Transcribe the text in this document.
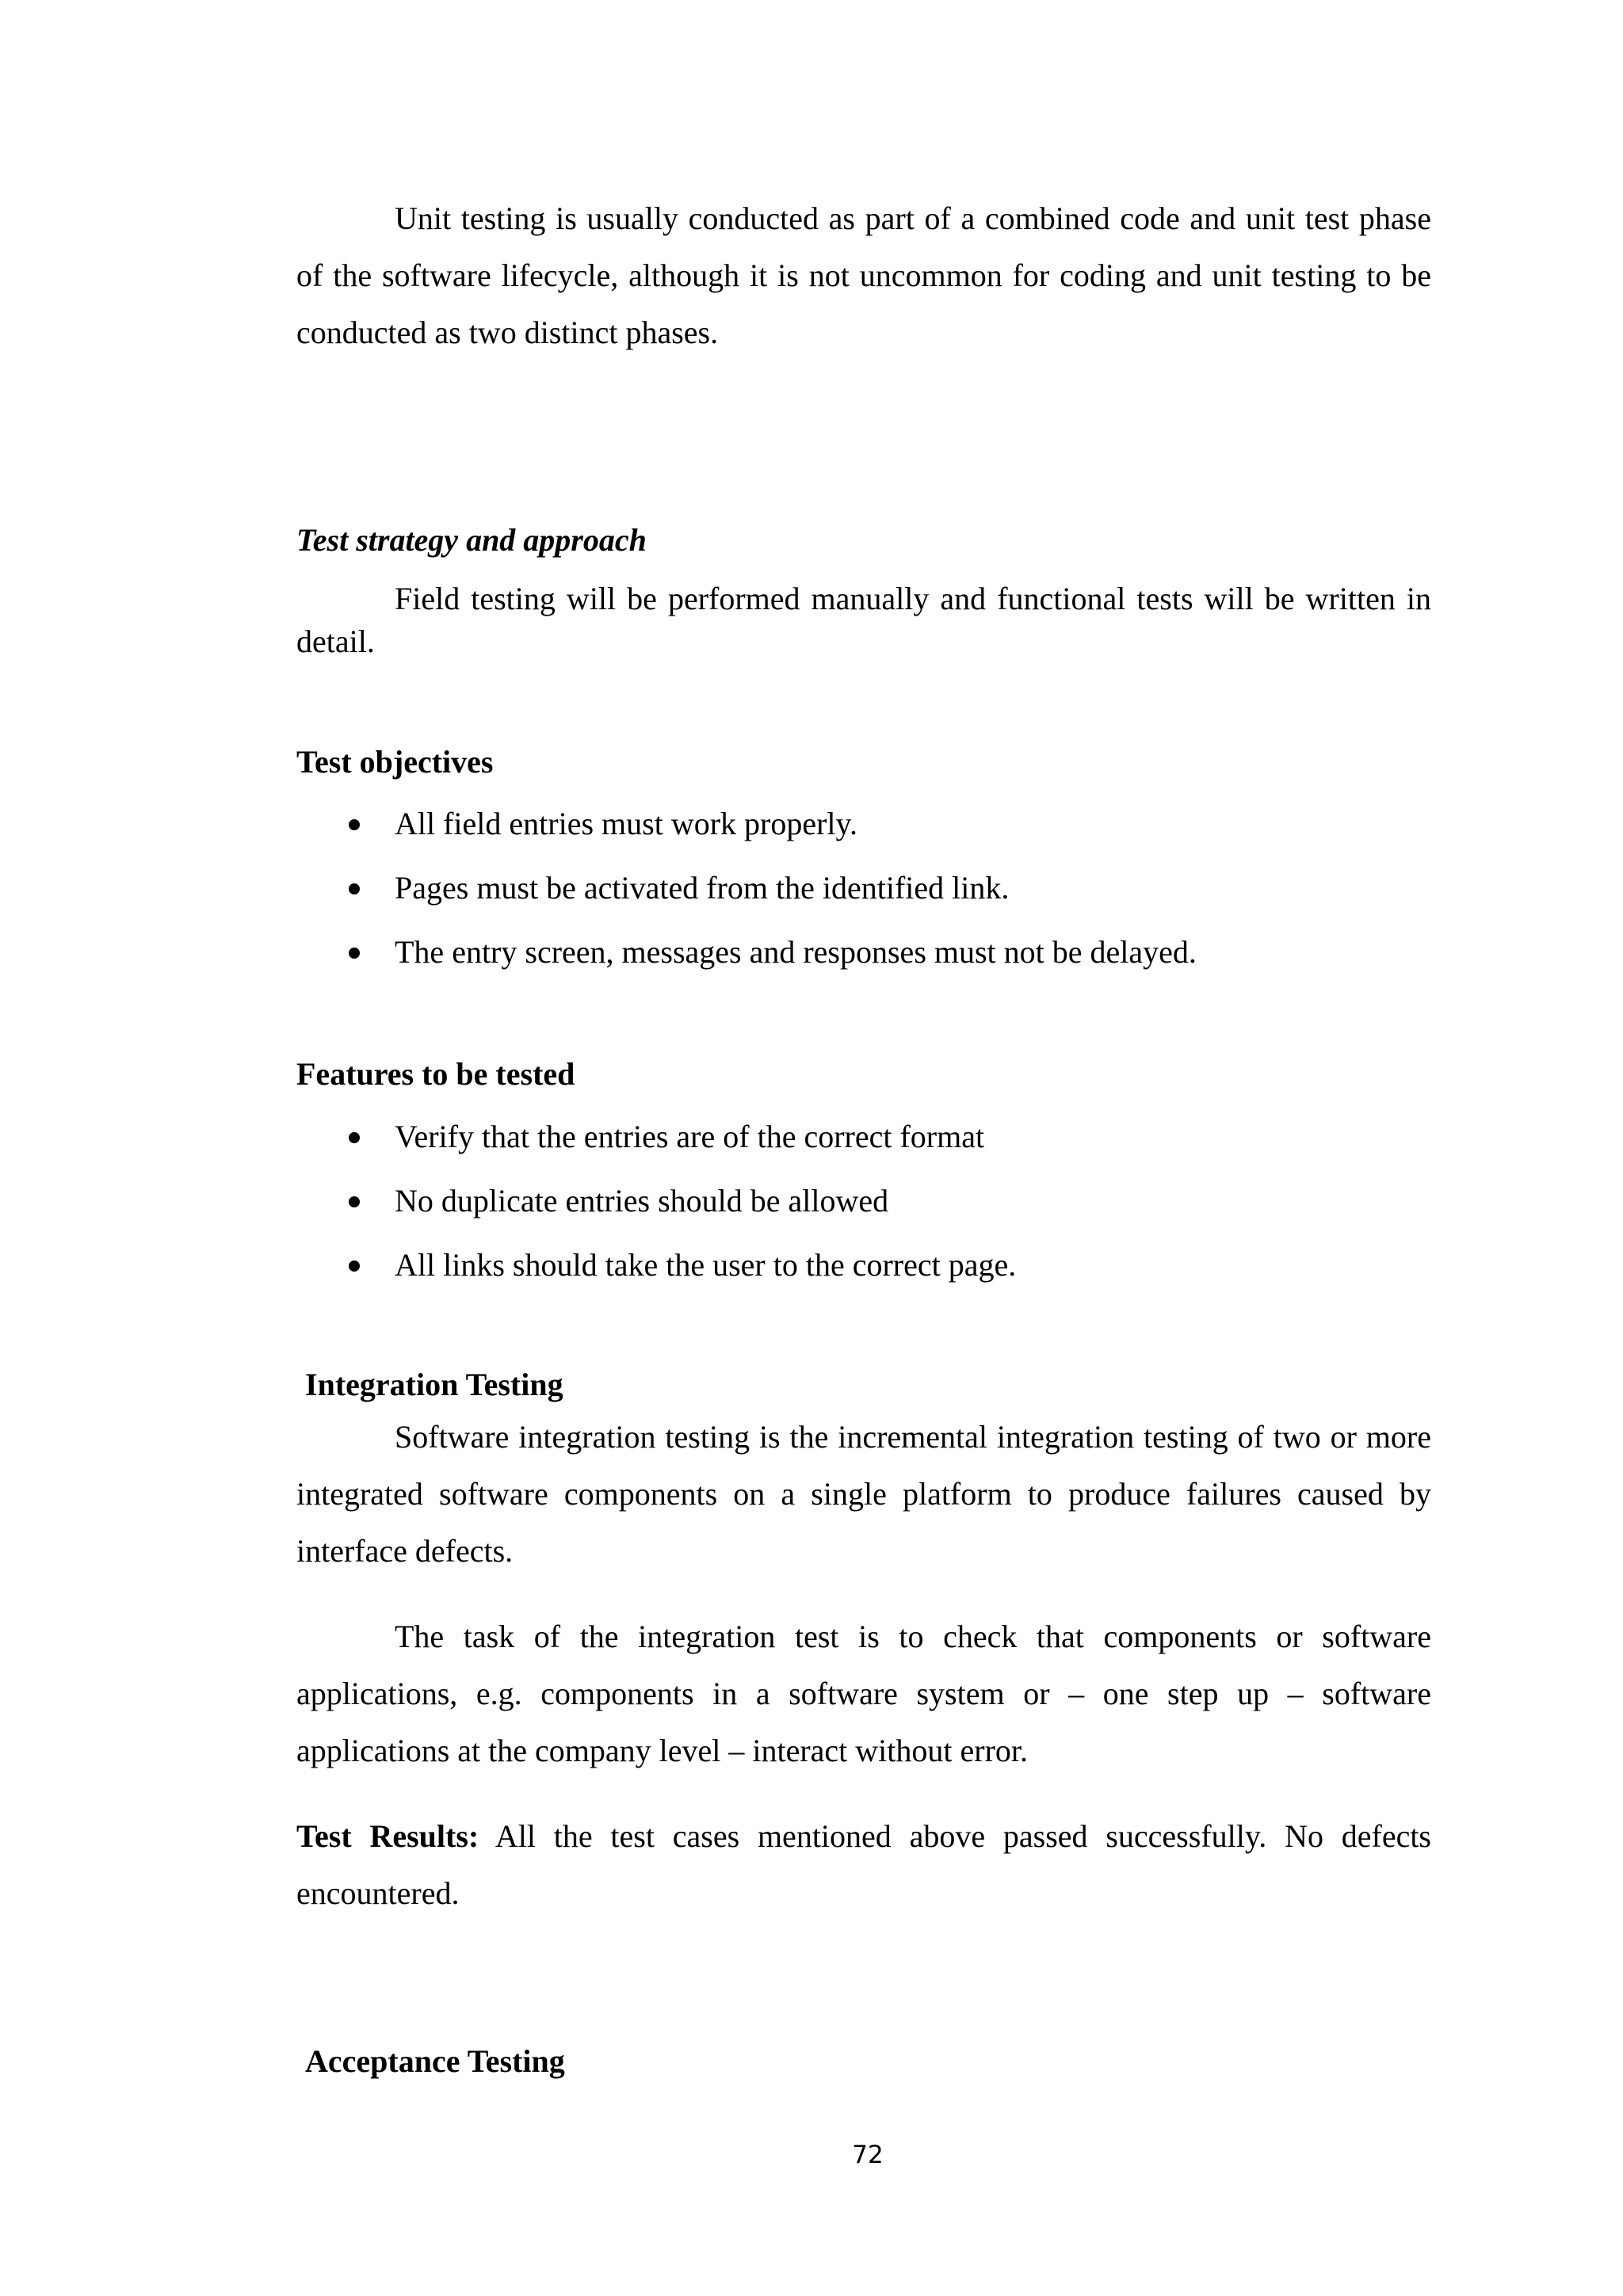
Unit testing is usually conducted as part of a combined code and unit test phase of the software lifecycle, although it is not uncommon for coding and unit testing to be conducted as two distinct phases.

Test strategy and approach

Field testing will be performed manually and functional tests will be written in detail.

Test objectives
All field entries must work properly.
Pages must be activated from the identified link.
The entry screen, messages and responses must not be delayed.
Features to be tested
Verify that the entries are of the correct format
No duplicate entries should be allowed
All links should take the user to the correct page.
Integration Testing

Software integration testing is the incremental integration testing of two or more integrated software components on a single platform to produce failures caused by interface defects.

The task of the integration test is to check that components or software applications, e.g. components in a software system or – one step up – software applications at the company level – interact without error.

Test Results: All the test cases mentioned above passed successfully. No defects encountered.

Acceptance Testing
72
